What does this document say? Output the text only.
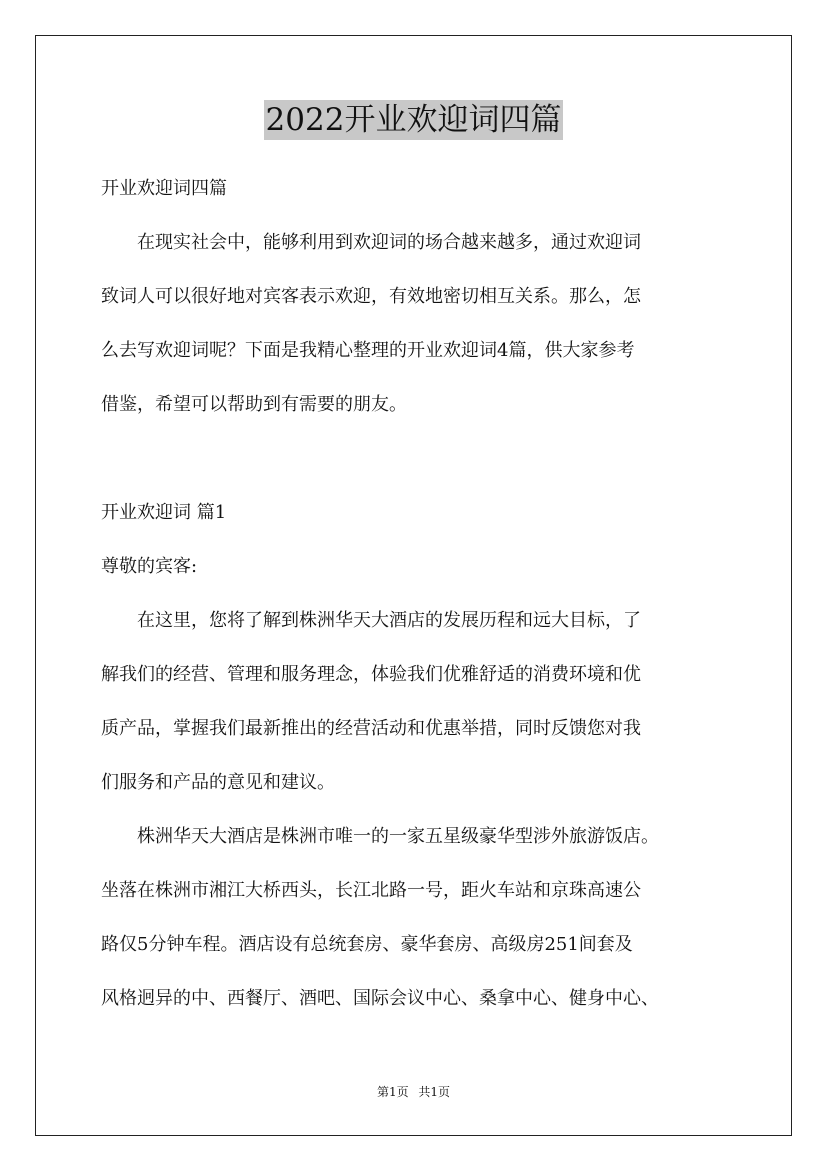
2022开业欢迎词四篇
开业欢迎词四篇
　　在现实社会中，能够利用到欢迎词的场合越来越多，通过欢迎词
致词人可以很好地对宾客表示欢迎，有效地密切相互关系。那么，怎
么去写欢迎词呢？下面是我精心整理的开业欢迎词4篇，供大家参考
借鉴，希望可以帮助到有需要的朋友。
开业欢迎词 篇1
尊敬的宾客:
　　在这里，您将了解到株洲华天大酒店的发展历程和远大目标，了
解我们的经营、管理和服务理念，体验我们优雅舒适的消费环境和优
质产品，掌握我们最新推出的经营活动和优惠举措，同时反馈您对我
们服务和产品的意见和建议。
　　株洲华天大酒店是株洲市唯一的一家五星级豪华型涉外旅游饭店。
坐落在株洲市湘江大桥西头，长江北路一号，距火车站和京珠高速公
路仅5分钟车程。酒店设有总统套房、豪华套房、高级房251间套及
风格迥异的中、西餐厅、酒吧、国际会议中心、桑拿中心、健身中心、
第1页 共1页
